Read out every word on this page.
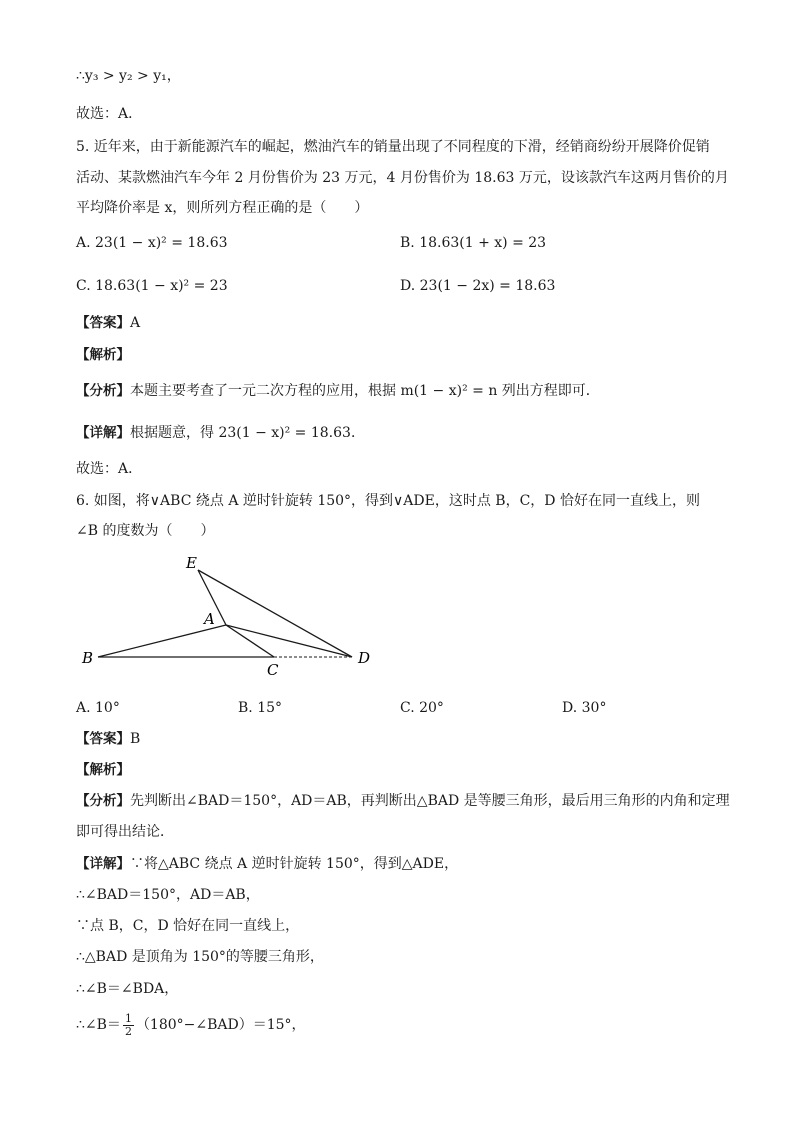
∴y₃ > y₂ > y₁，
故选：A．
5. 近年来，由于新能源汽车的崛起，燃油汽车的销量出现了不同程度的下滑，经销商纷纷开展降价促销
活动、某款燃油汽车今年 2 月份售价为 23 万元，4 月份售价为 18.63 万元，设该款汽车这两月售价的月
平均降价率是 x，则所列方程正确的是（　　）
A. 23(1 − x)² = 18.63	B. 18.63(1 + x) = 23
C. 18.63(1 − x)² = 23	D. 23(1 − 2x) = 18.63
【答案】A
【解析】
【分析】本题主要考查了一元二次方程的应用，根据 m(1 − x)² = n 列出方程即可．
【详解】根据题意，得 23(1 − x)² = 18.63．
故选：A．
6. 如图，将∨ABC 绕点 A 逆时针旋转 150°，得到∨ADE，这时点 B，C，D 恰好在同一直线上，则
∠B 的度数为（　　）
E
A
B
C
D
A. 10°	B. 15°	C. 20°	D. 30°
【答案】B
【解析】
【分析】先判断出∠BAD＝150°，AD＝AB，再判断出△BAD 是等腰三角形，最后用三角形的内角和定理
即可得出结论．
【详解】∵将△ABC 绕点 A 逆时针旋转 150°，得到△ADE，
∴∠BAD＝150°，AD＝AB，
∵点 B，C，D 恰好在同一直线上，
∴△BAD 是顶角为 150°的等腰三角形，
∴∠B＝∠BDA，
∴∠B＝ $\frac{1}{2}$ （180°−∠BAD）＝15°，
